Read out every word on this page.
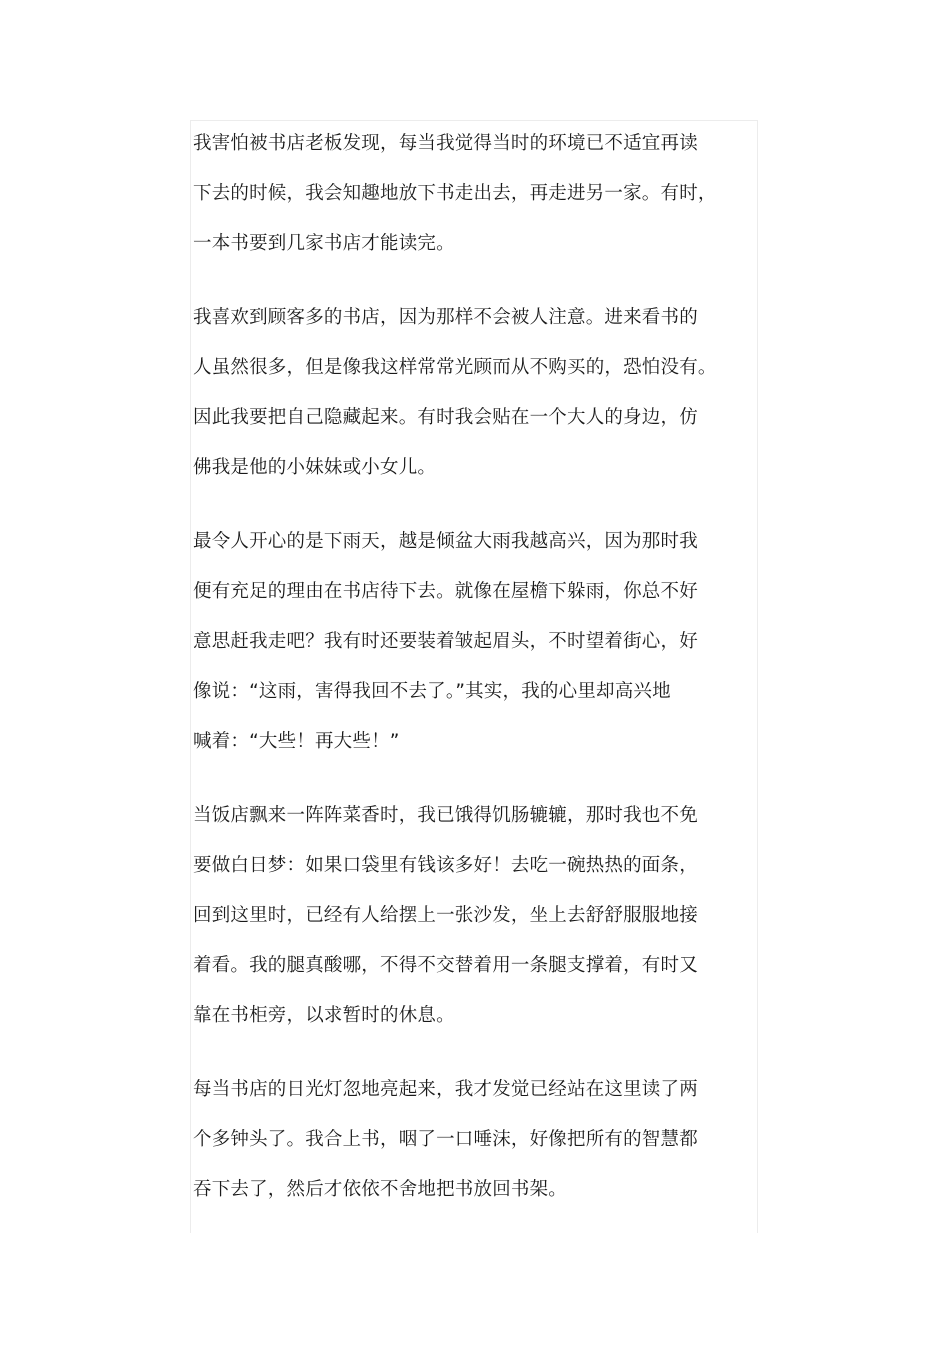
我害怕被书店老板发现，每当我觉得当时的环境已不适宜再读
下去的时候，我会知趣地放下书走出去，再走进另一家。有时，
一本书要到几家书店才能读完。

我喜欢到顾客多的书店，因为那样不会被人注意。进来看书的
人虽然很多，但是像我这样常常光顾而从不购买的，恐怕没有。
因此我要把自己隐藏起来。有时我会贴在一个大人的身边，仿
佛我是他的小妹妹或小女儿。

最令人开心的是下雨天，越是倾盆大雨我越高兴，因为那时我
便有充足的理由在书店待下去。就像在屋檐下躲雨，你总不好
意思赶我走吧？我有时还要装着皱起眉头，不时望着街心，好
像说：“这雨，害得我回不去了。”其实，我的心里却高兴地
喊着：“大些！再大些！”

当饭店飘来一阵阵菜香时，我已饿得饥肠辘辘，那时我也不免
要做白日梦：如果口袋里有钱该多好！去吃一碗热热的面条，
回到这里时，已经有人给摆上一张沙发，坐上去舒舒服服地接
着看。我的腿真酸哪，不得不交替着用一条腿支撑着，有时又
靠在书柜旁，以求暂时的休息。

每当书店的日光灯忽地亮起来，我才发觉已经站在这里读了两
个多钟头了。我合上书，咽了一口唾沫，好像把所有的智慧都
吞下去了，然后才依依不舍地把书放回书架。
